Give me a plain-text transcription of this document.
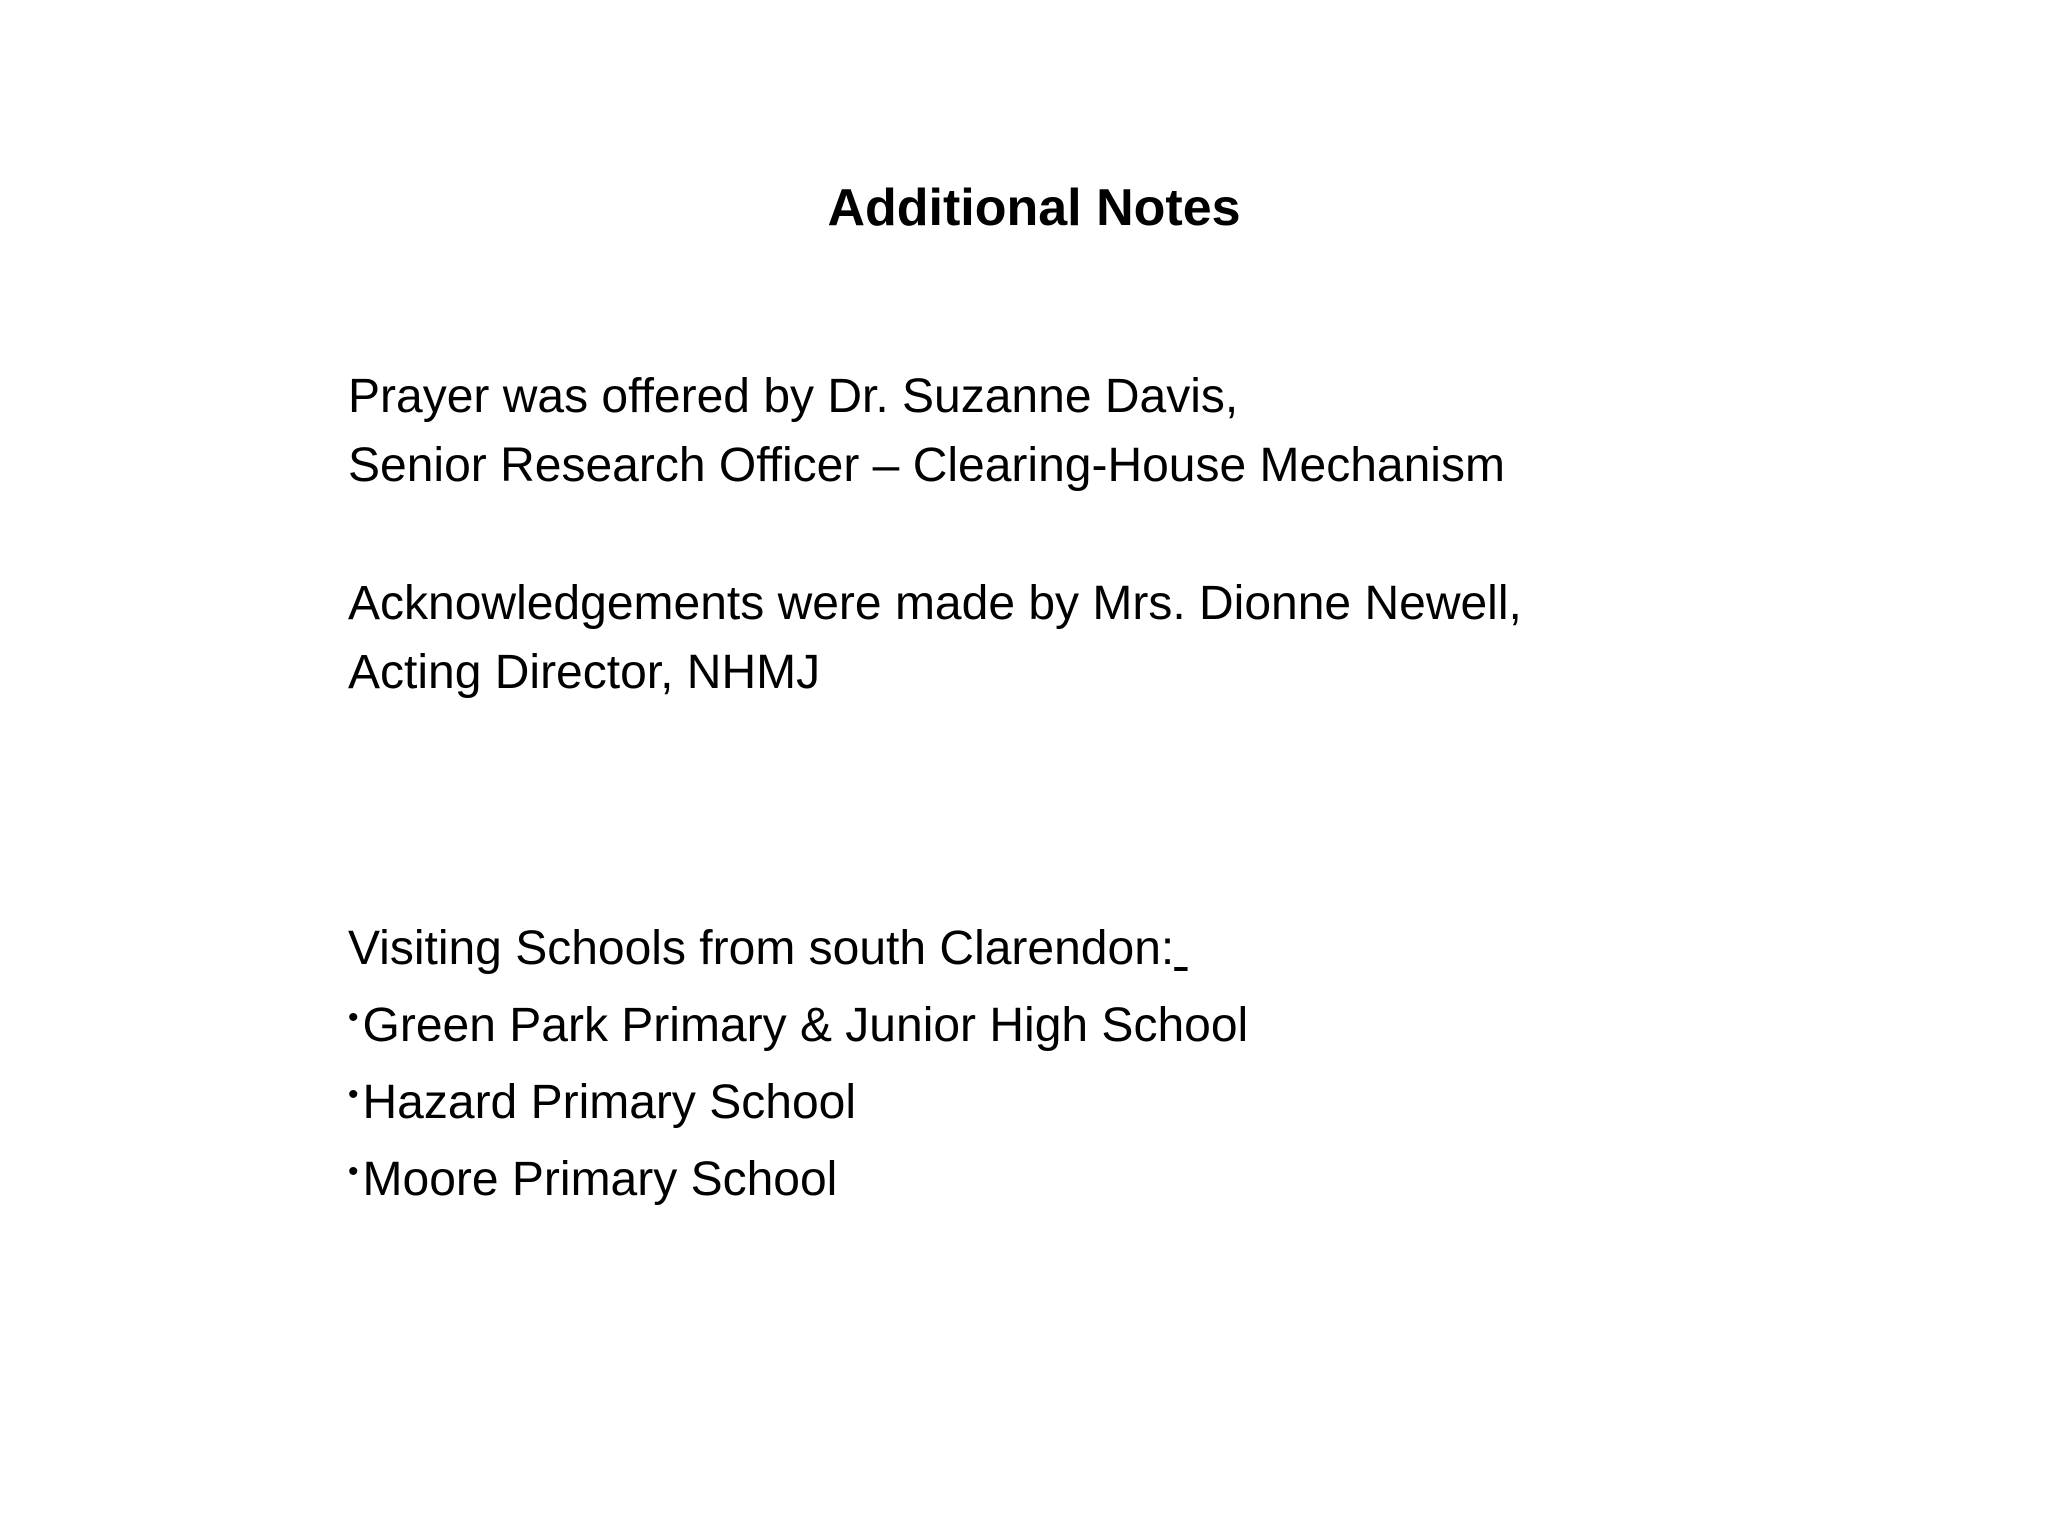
Additional Notes
Prayer was offered by Dr. Suzanne Davis,
Senior Research Officer – Clearing-House Mechanism
Acknowledgements were made by Mrs. Dionne Newell,
Acting Director, NHMJ
Visiting Schools from south Clarendon:
•Green Park Primary & Junior High School
•Hazard Primary School
•Moore Primary School
